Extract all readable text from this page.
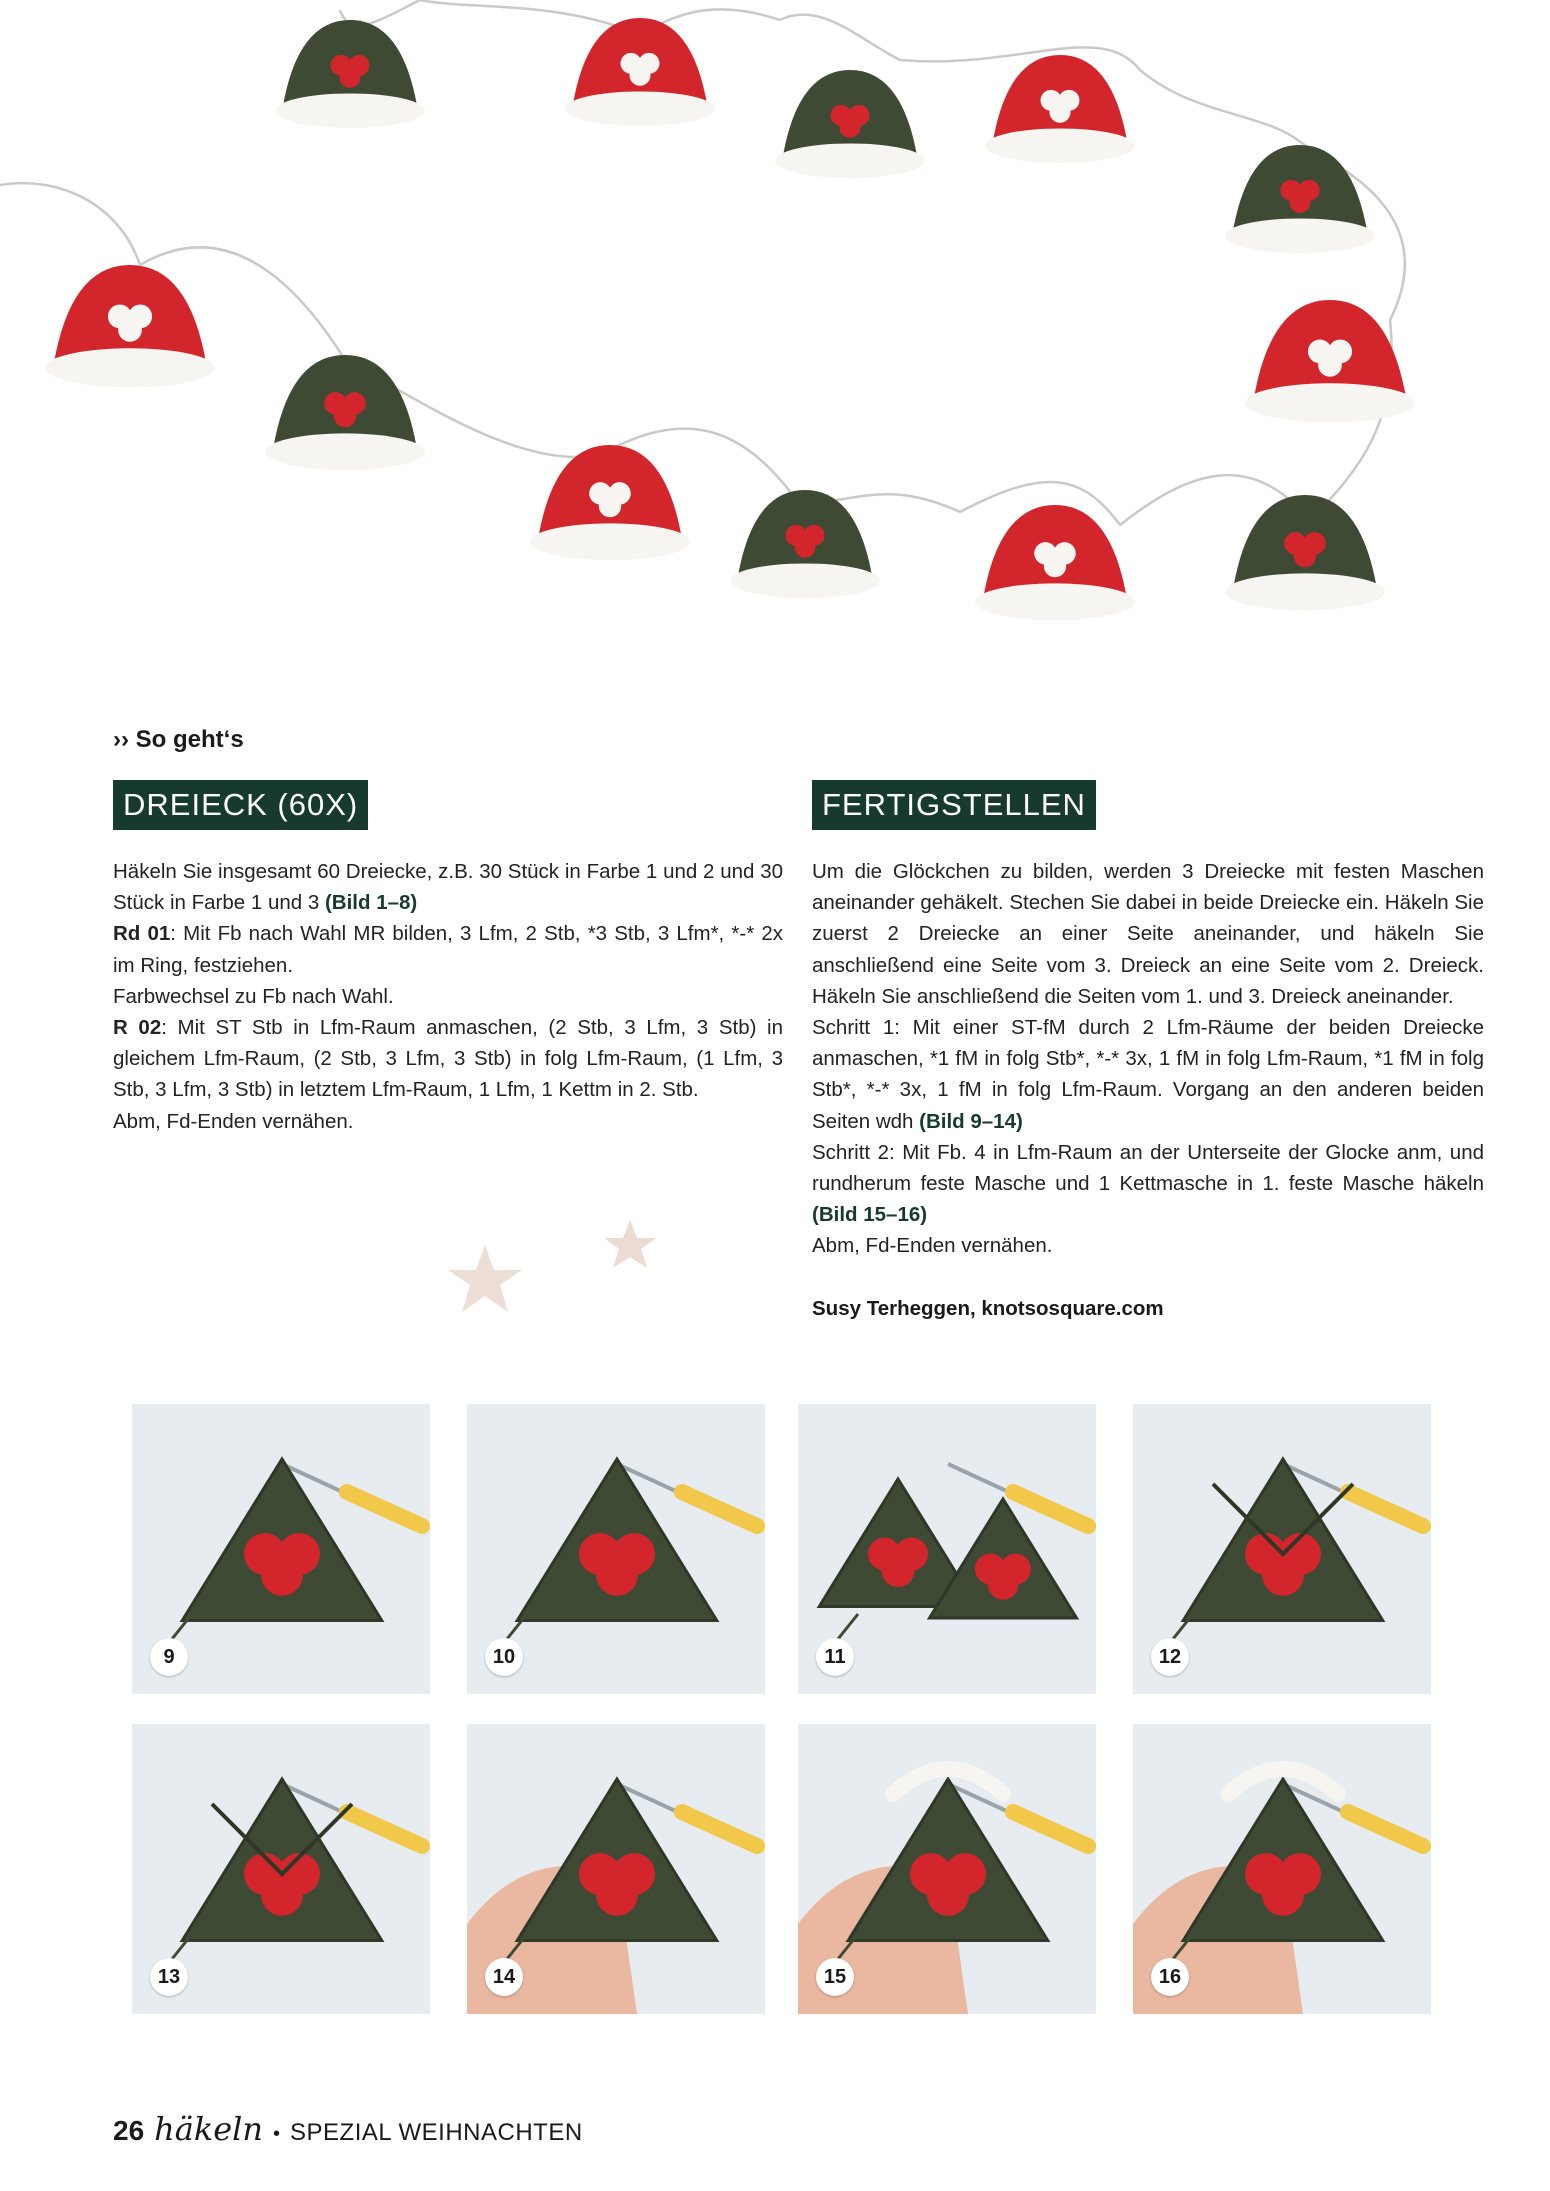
›› So geht‘s
DREIECK (60X)	FERTIGSTELLEN

Häkeln Sie insgesamt 60 Dreiecke, z.B. 30 Stück in Farbe 1 und 2 und 30 Stück in Farbe 1 und 3 (Bild 1–8)

Rd 01: Mit Fb nach Wahl MR bilden, 3 Lfm, 2 Stb, *3 Stb, 3 Lfm*, *-* 2x im Ring, festziehen.

Farbwechsel zu Fb nach Wahl.

R 02: Mit ST Stb in Lfm-Raum anmaschen, (2 Stb, 3 Lfm, 3 Stb) in gleichem Lfm-Raum, (2 Stb, 3 Lfm, 3 Stb) in folg Lfm-Raum, (1 Lfm, 3 Stb, 3 Lfm, 3 Stb) in letztem Lfm-Raum, 1 Lfm, 1 Kettm in 2. Stb.

Abm, Fd-Enden vernähen.

Um die Glöckchen zu bilden, werden 3 Dreiecke mit festen Maschen aneinander gehäkelt. Stechen Sie dabei in beide Dreiecke ein. Häkeln Sie zuerst 2 Dreiecke an einer Seite aneinander, und häkeln Sie anschließend eine Seite vom 3. Dreieck an eine Seite vom 2. Dreieck. Häkeln Sie anschließend die Seiten vom 1. und 3. Dreieck aneinander.

Schritt 1: Mit einer ST-fM durch 2 Lfm-Räume der beiden Dreiecke anmaschen, *1 fM in folg Stb*, *-* 3x, 1 fM in folg Lfm-Raum, *1 fM in folg Stb*, *-* 3x, 1 fM in folg Lfm-Raum. Vorgang an den anderen beiden Seiten wdh (Bild 9–14)

Schritt 2: Mit Fb. 4 in Lfm-Raum an der Unterseite der Glocke anm, und rundherum feste Masche und 1 Kettmasche in 1. feste Masche häkeln (Bild 15–16)

Abm, Fd-Enden vernähen.

Susy Terheggen, knotsosquare.com
9	10	11	12
13	14	15	16
26 häkeln • SPEZIAL WEIHNACHTEN
